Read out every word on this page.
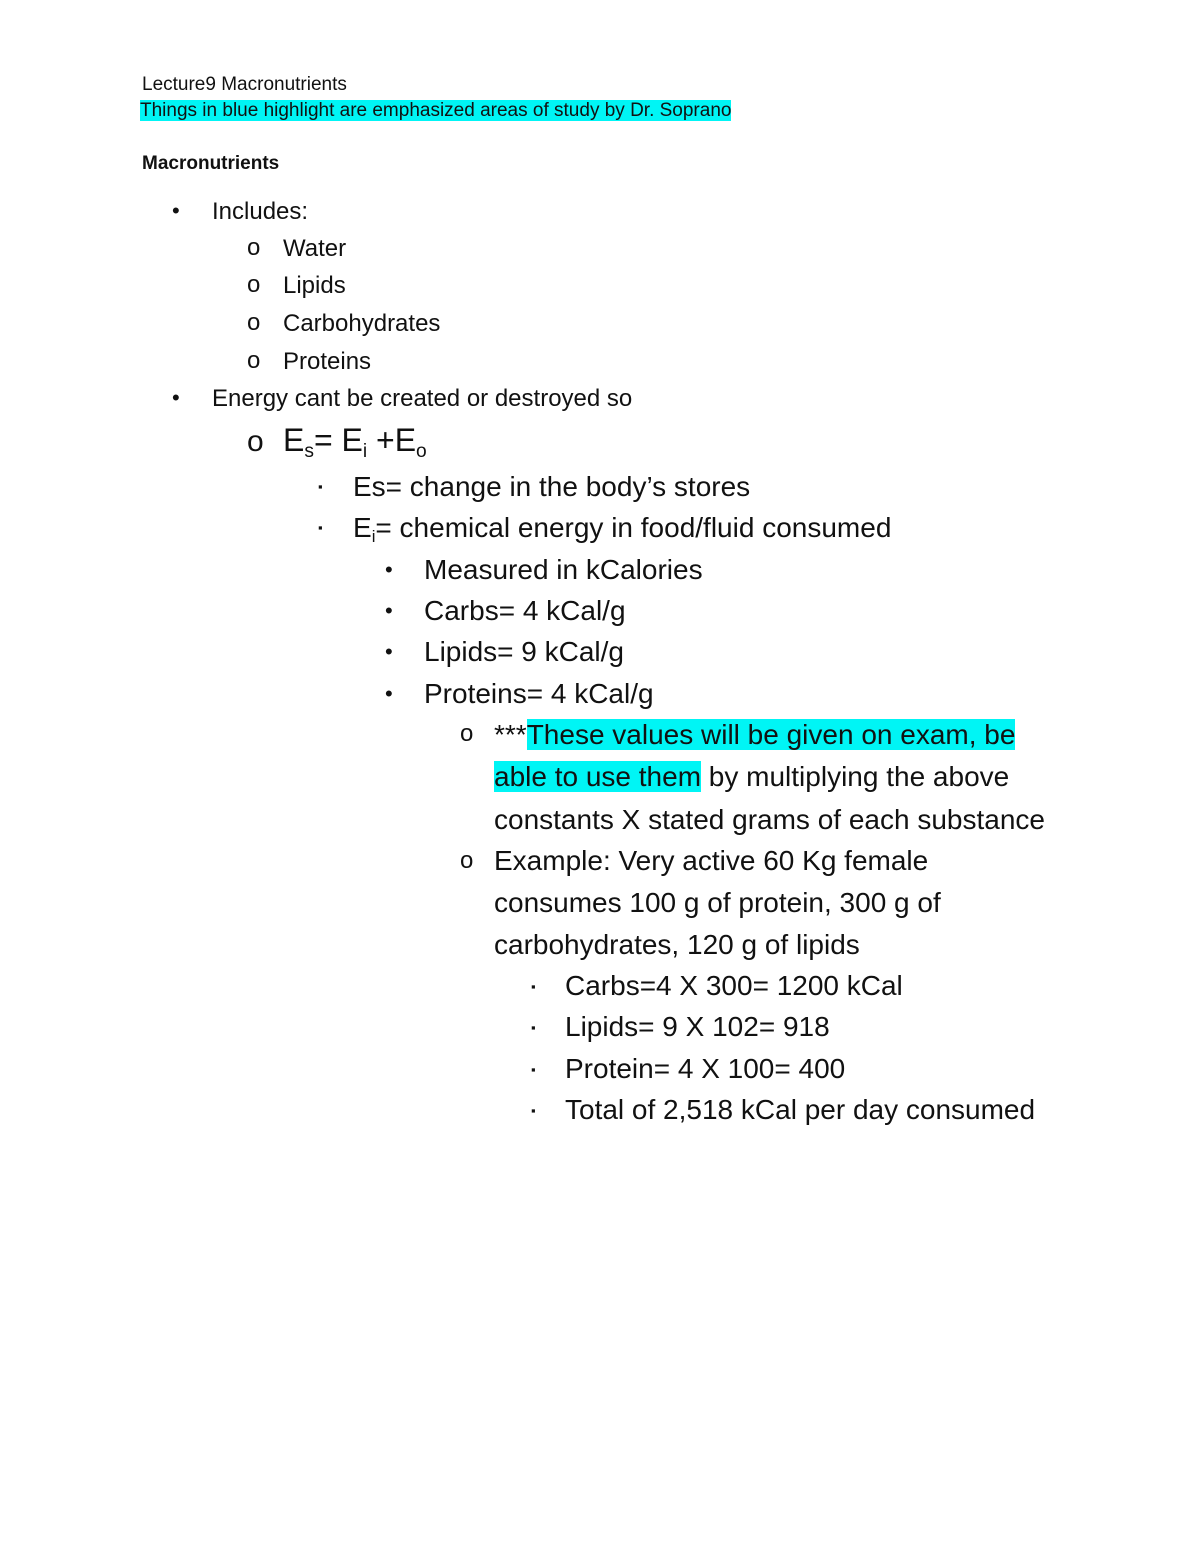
Lecture9 Macronutrients
Things in blue highlight are emphasized areas of study by Dr. Soprano
Macronutrients
• Includes:
o Water
o Lipids
o Carbohydrates
o Proteins
• Energy cant be created or destroyed so
o $E_s= E_i +E_o$
▪ Es= change in the body’s stores
▪ $E_i=$ chemical energy in food/fluid consumed
• Measured in kCalories
• Carbs= 4 kCal/g
• Lipids= 9 kCal/g
• Proteins= 4 kCal/g
o ***These values will be given on exam, be
able to use them by multiplying the above
constants X stated grams of each substance
o Example: Very active 60 Kg female
consumes 100 g of protein, 300 g of
carbohydrates, 120 g of lipids
▪ Carbs=4 X 300= 1200 kCal
▪ Lipids= 9 X 102= 918
▪ Protein= 4 X 100= 400
▪ Total of 2,518 kCal per day consumed
